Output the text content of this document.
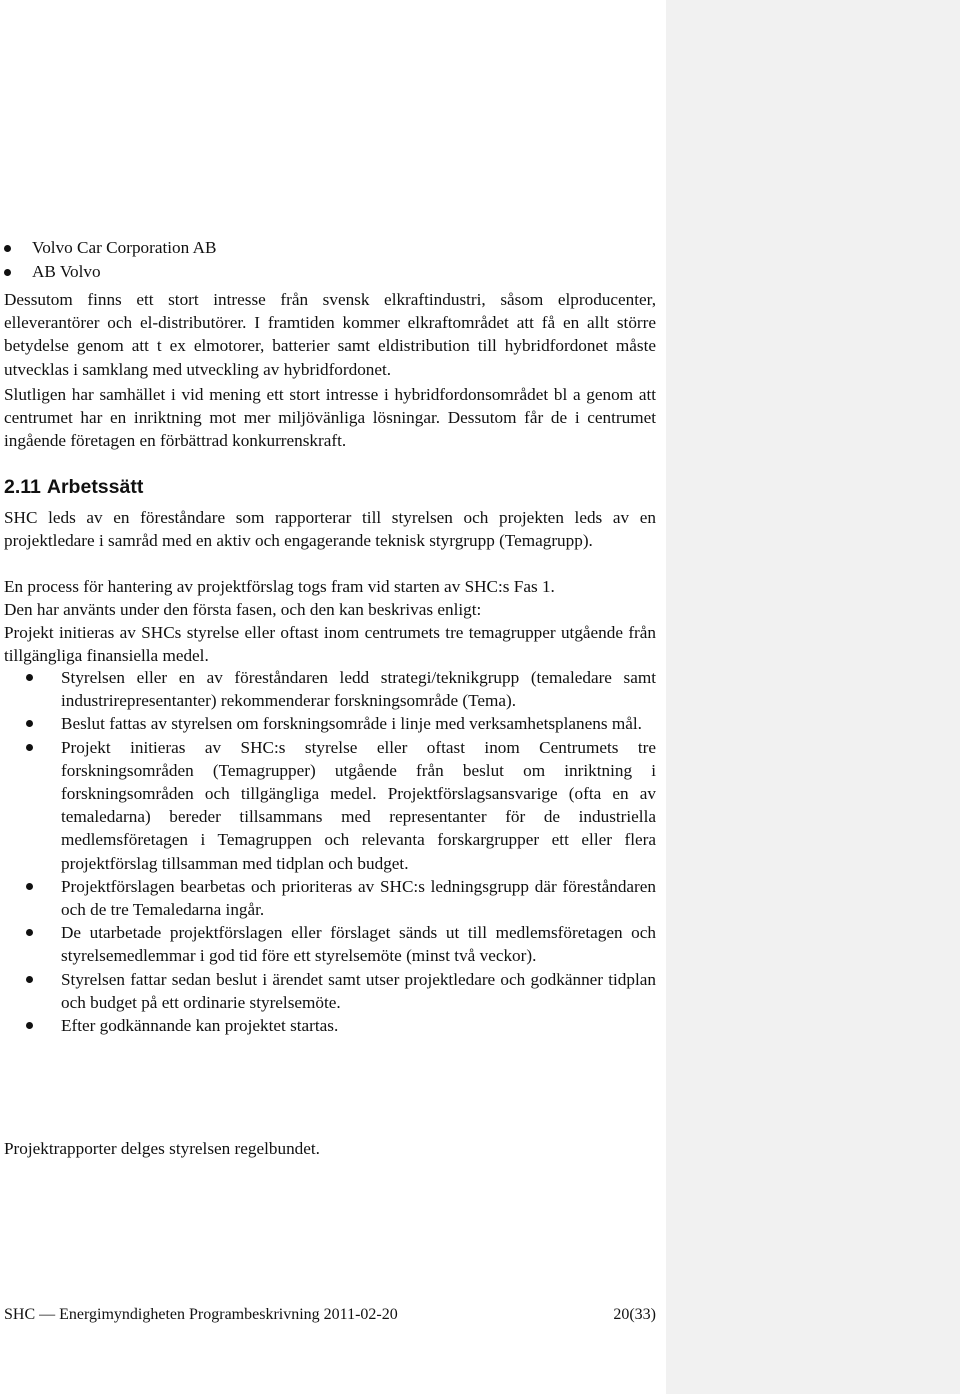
Volvo Car Corporation AB
AB Volvo

Dessutom finns ett stort intresse från svensk elkraftindustri, såsom elproducenter, elleverantörer och el-distributörer. I framtiden kommer elkraftområdet att få en allt större betydelse genom att t ex elmotorer, batterier samt eldistribution till hybridfordonet måste utvecklas i samklang med utveckling av hybridfordonet.

Slutligen har samhället i vid mening ett stort intresse i hybridfordonsområdet bl a genom att centrumet har en inriktning mot mer miljövänliga lösningar. Dessutom får de i centrumet ingående företagen en förbättrad konkurrenskraft.

2.11 Arbetssätt

SHC leds av en föreståndare som rapporterar till styrelsen och projekten leds av en projektledare i samråd med en aktiv och engagerande teknisk styrgrupp (Temagrupp).

En process för hantering av projektförslag togs fram vid starten av SHC:s Fas 1.

Den har använts under den första fasen, och den kan beskrivas enligt:

Projekt initieras av SHCs styrelse eller oftast inom centrumets tre temagrupper utgående från tillgängliga finansiella medel.

Styrelsen eller en av föreståndaren ledd strategi/teknikgrupp (temaledare samt industrirepresentanter) rekommenderar forskningsområde (Tema).
Beslut fattas av styrelsen om forskningsområde i linje med verksamhetsplanens mål.
Projekt initieras av SHC:s styrelse eller oftast inom Centrumets tre forskningsområden (Temagrupper) utgående från beslut om inriktning i forskningsområden och tillgängliga medel. Projektförslagsansvarige (ofta en av temaledarna) bereder tillsammans med representanter för de industriella medlemsföretagen i Temagruppen och relevanta forskargrupper ett eller flera projektförslag tillsamman med tidplan och budget.
Projektförslagen bearbetas och prioriteras av SHC:s ledningsgrupp där föreståndaren och de tre Temaledarna ingår.
De utarbetade projektförslagen eller förslaget sänds ut till medlemsföretagen och styrelsemedlemmar i god tid före ett styrelsemöte (minst två veckor).
Styrelsen fattar sedan beslut i ärendet samt utser projektledare och godkänner tidplan och budget på ett ordinarie styrelsemöte.
Efter godkännande kan projektet startas.

Projektrapporter delges styrelsen regelbundet.

SHC — Energimyndigheten Programbeskrivning 2011-02-20	20(33)
